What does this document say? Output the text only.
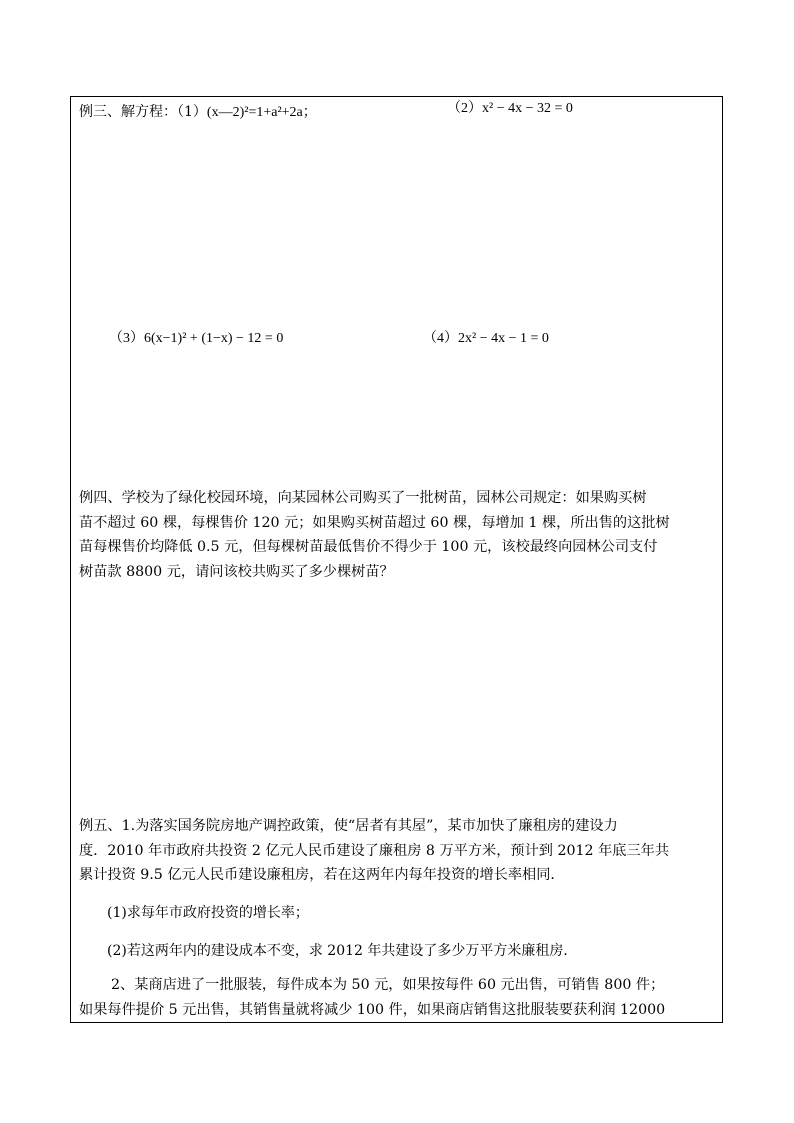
例三、解方程：（1）(x—2)²=1+a²+2a；	（2）x² − 4x − 32 = 0
（3）6(x−1)² + (1−x) − 12 = 0	（4）2x² − 4x − 1 = 0
例四、学校为了绿化校园环境，向某园林公司购买了一批树苗，园林公司规定：如果购买树
苗不超过 60 棵，每棵售价 120 元；如果购买树苗超过 60 棵，每增加 1 棵，所出售的这批树
苗每棵售价均降低 0.5 元，但每棵树苗最低售价不得少于 100 元，该校最终向园林公司支付
树苗款 8800 元，请问该校共购买了多少棵树苗？
例五、1.为落实国务院房地产调控政策，使“居者有其屋”，某市加快了廉租房的建设力
度．2010 年市政府共投资 2 亿元人民币建设了廉租房 8 万平方米，预计到 2012 年底三年共
累计投资 9.5 亿元人民币建设廉租房，若在这两年内每年投资的增长率相同．
(1)求每年市政府投资的增长率；
(2)若这两年内的建设成本不变，求 2012 年共建设了多少万平方米廉租房．
2、某商店进了一批服装，每件成本为 50 元，如果按每件 60 元出售，可销售 800 件；
如果每件提价 5 元出售，其销售量就将减少 100 件，如果商店销售这批服装要获利润 12000
